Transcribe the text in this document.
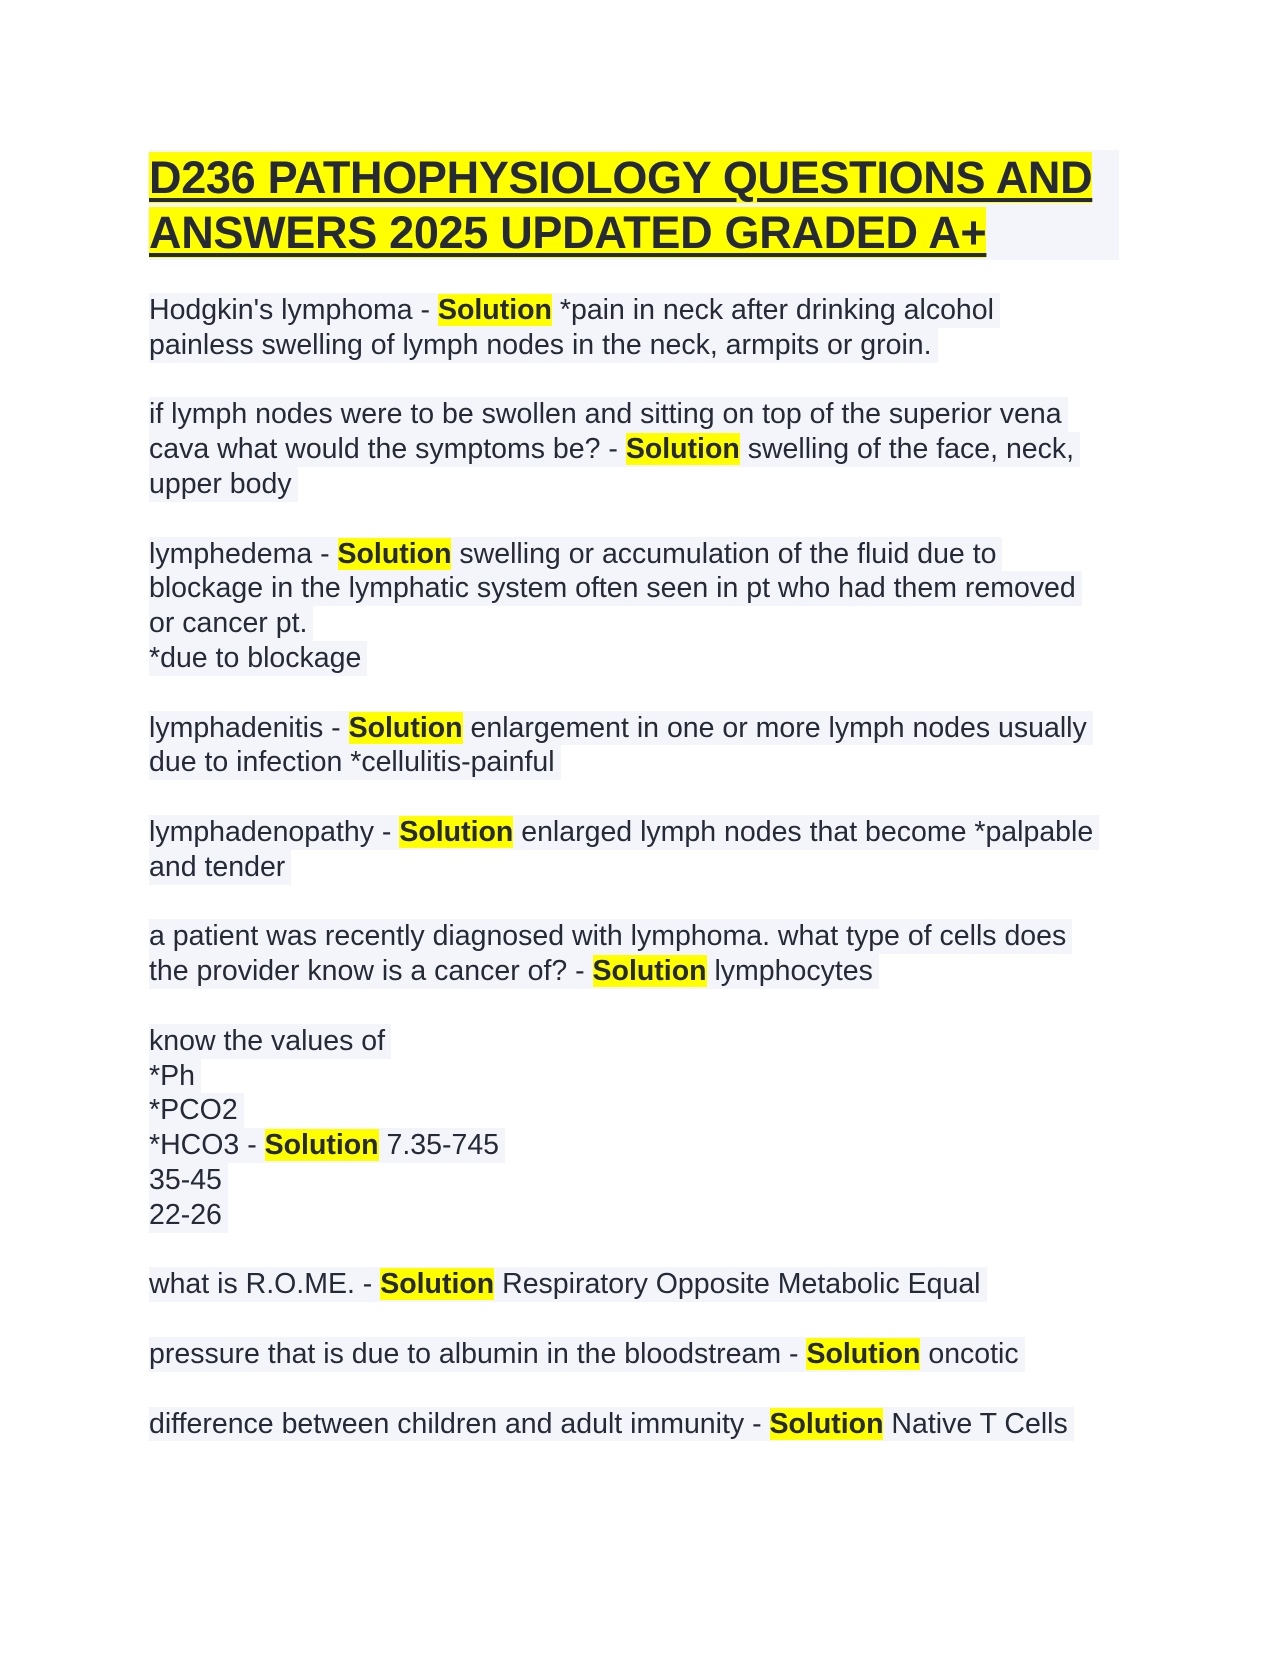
D236 PATHOPHYSIOLOGY QUESTIONS AND
ANSWERS 2025 UPDATED GRADED A+
Hodgkin's lymphoma - Solution *pain in neck after drinking alcohol
painless swelling of lymph nodes in the neck, armpits or groin.
if lymph nodes were to be swollen and sitting on top of the superior vena
cava what would the symptoms be? - Solution swelling of the face, neck,
upper body
lymphedema - Solution swelling or accumulation of the fluid due to
blockage in the lymphatic system often seen in pt who had them removed
or cancer pt.
*due to blockage
lymphadenitis - Solution enlargement in one or more lymph nodes usually
due to infection *cellulitis-painful
lymphadenopathy - Solution enlarged lymph nodes that become *palpable
and tender
a patient was recently diagnosed with lymphoma. what type of cells does
the provider know is a cancer of? - Solution lymphocytes
know the values of
*Ph
*PCO2
*HCO3 - Solution 7.35-745
35-45
22-26
what is R.O.ME. - Solution Respiratory Opposite Metabolic Equal
pressure that is due to albumin in the bloodstream - Solution oncotic
difference between children and adult immunity - Solution Native T Cells
